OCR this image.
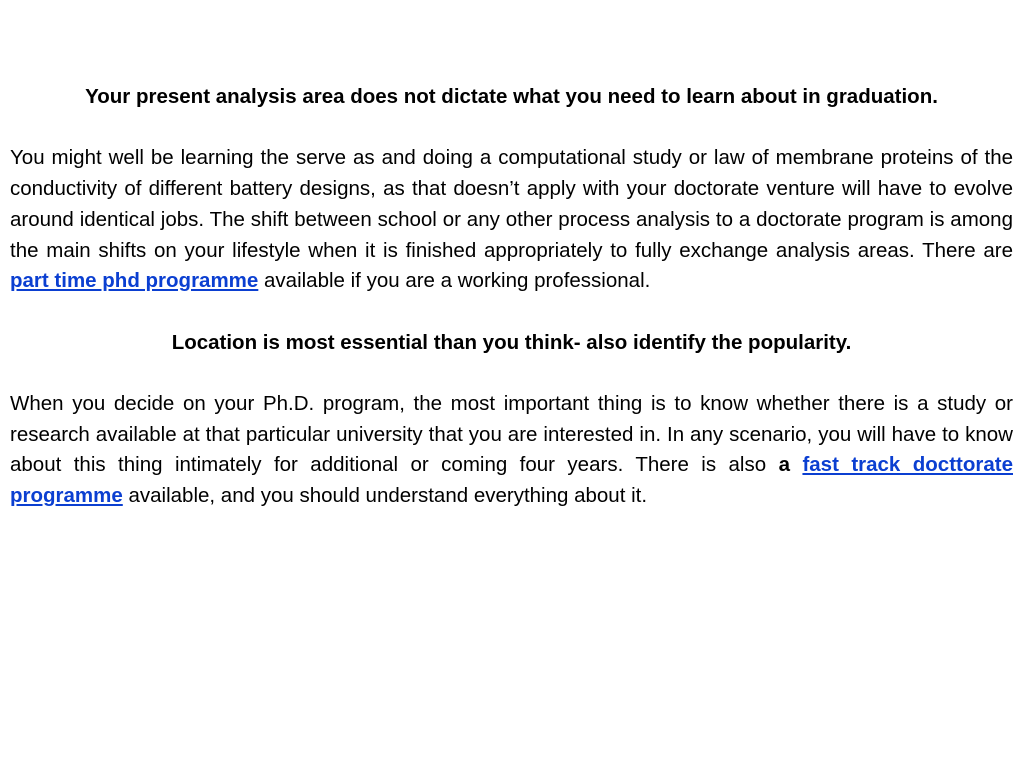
Your present analysis area does not dictate what you need to learn about in graduation.

You might well be learning the serve as and doing a computational study or law of membrane proteins of the conductivity of different battery designs, as that doesn’t apply with your doctorate venture will have to evolve around identical jobs. The shift between school or any other process analysis to a doctorate program is among the main shifts on your lifestyle when it is finished appropriately to fully exchange analysis areas. There are part time phd programme available if you are a working professional.

Location is most essential than you think- also identify the popularity.

When you decide on your Ph.D. program, the most important thing is to know whether there is a study or research available at that particular university that you are interested in. In any scenario, you will have to know about this thing intimately for additional or coming four years. There is also a fast track docttorate programme available, and you should understand everything about it.
